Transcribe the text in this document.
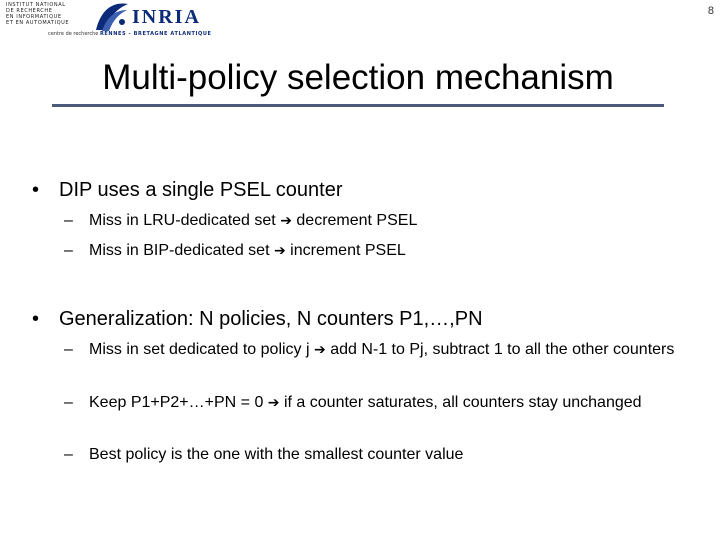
INSTITUT NATIONAL
DE RECHERCHE
EN INFORMATIQUE
ET EN AUTOMATIQUE	INRIA
centre de recherche RENNES - BRETAGNE ATLANTIQUE
8
Multi-policy selection mechanism
• DIP uses a single PSEL counter
– Miss in LRU-dedicated set ➔ decrement PSEL
– Miss in BIP-dedicated set ➔ increment PSEL
• Generalization: N policies, N counters P1,…,PN
– Miss in set dedicated to policy j ➔ add N-1 to Pj, subtract 1 to all the other counters
– Keep P1+P2+…+PN = 0 ➔ if a counter saturates, all counters stay unchanged
– Best policy is the one with the smallest counter value
